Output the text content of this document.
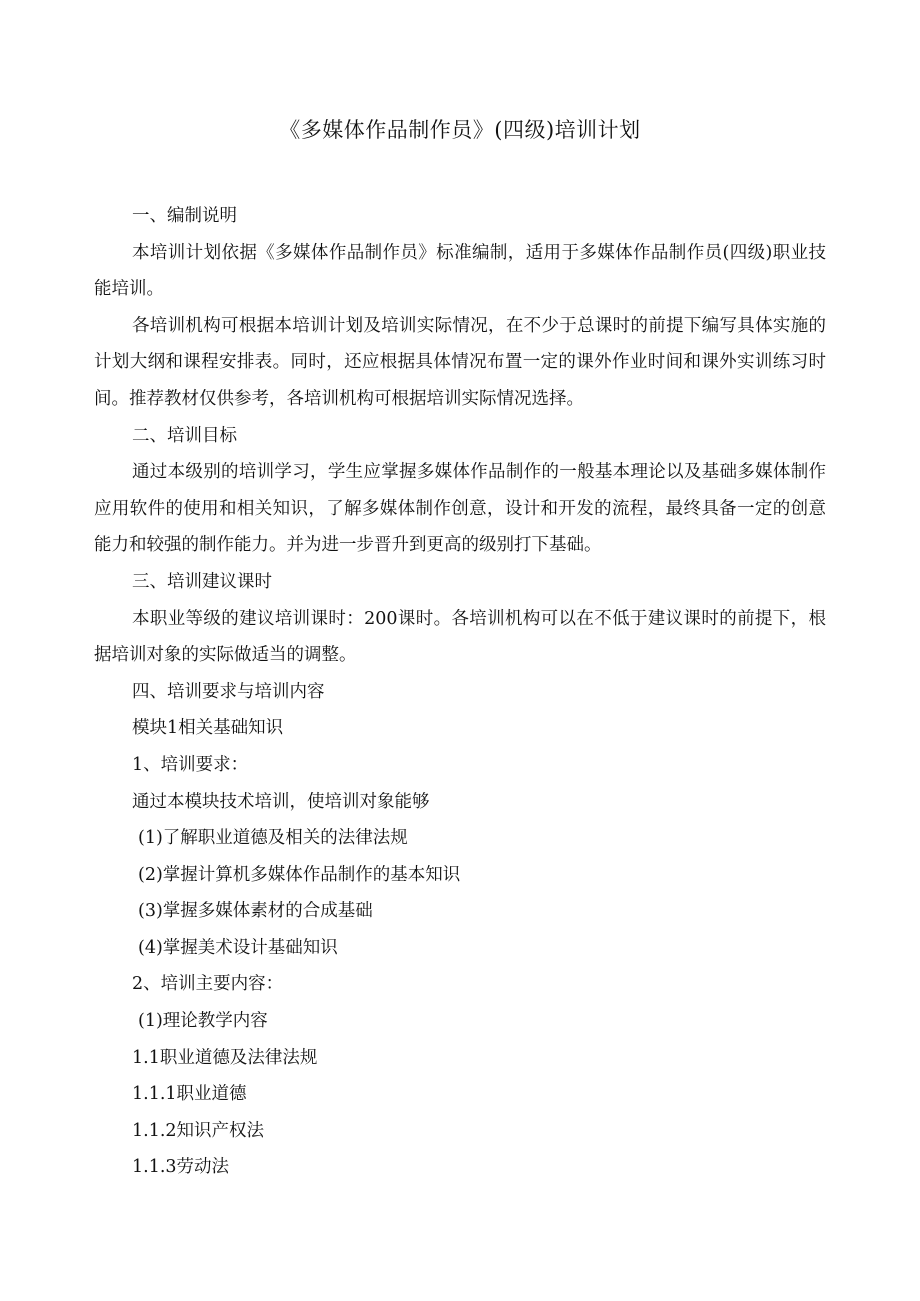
《多媒体作品制作员》(四级)培训计划

一、编制说明

本培训计划依据《多媒体作品制作员》标准编制，适用于多媒体作品制作员(四级)职业技能培训。

各培训机构可根据本培训计划及培训实际情况，在不少于总课时的前提下编写具体实施的计划大纲和课程安排表。同时，还应根据具体情况布置一定的课外作业时间和课外实训练习时间。推荐教材仅供参考，各培训机构可根据培训实际情况选择。

二、培训目标

通过本级别的培训学习，学生应掌握多媒体作品制作的一般基本理论以及基础多媒体制作应用软件的使用和相关知识，了解多媒体制作创意，设计和开发的流程，最终具备一定的创意能力和较强的制作能力。并为进一步晋升到更高的级别打下基础。

三、培训建议课时

本职业等级的建议培训课时：200课时。各培训机构可以在不低于建议课时的前提下，根据培训对象的实际做适当的调整。

四、培训要求与培训内容

模块1相关基础知识

1、培训要求：

通过本模块技术培训，使培训对象能够

(1)了解职业道德及相关的法律法规

(2)掌握计算机多媒体作品制作的基本知识

(3)掌握多媒体素材的合成基础

(4)掌握美术设计基础知识

2、培训主要内容：

(1)理论教学内容

1.1职业道德及法律法规

1.1.1职业道德

1.1.2知识产权法

1.1.3劳动法
